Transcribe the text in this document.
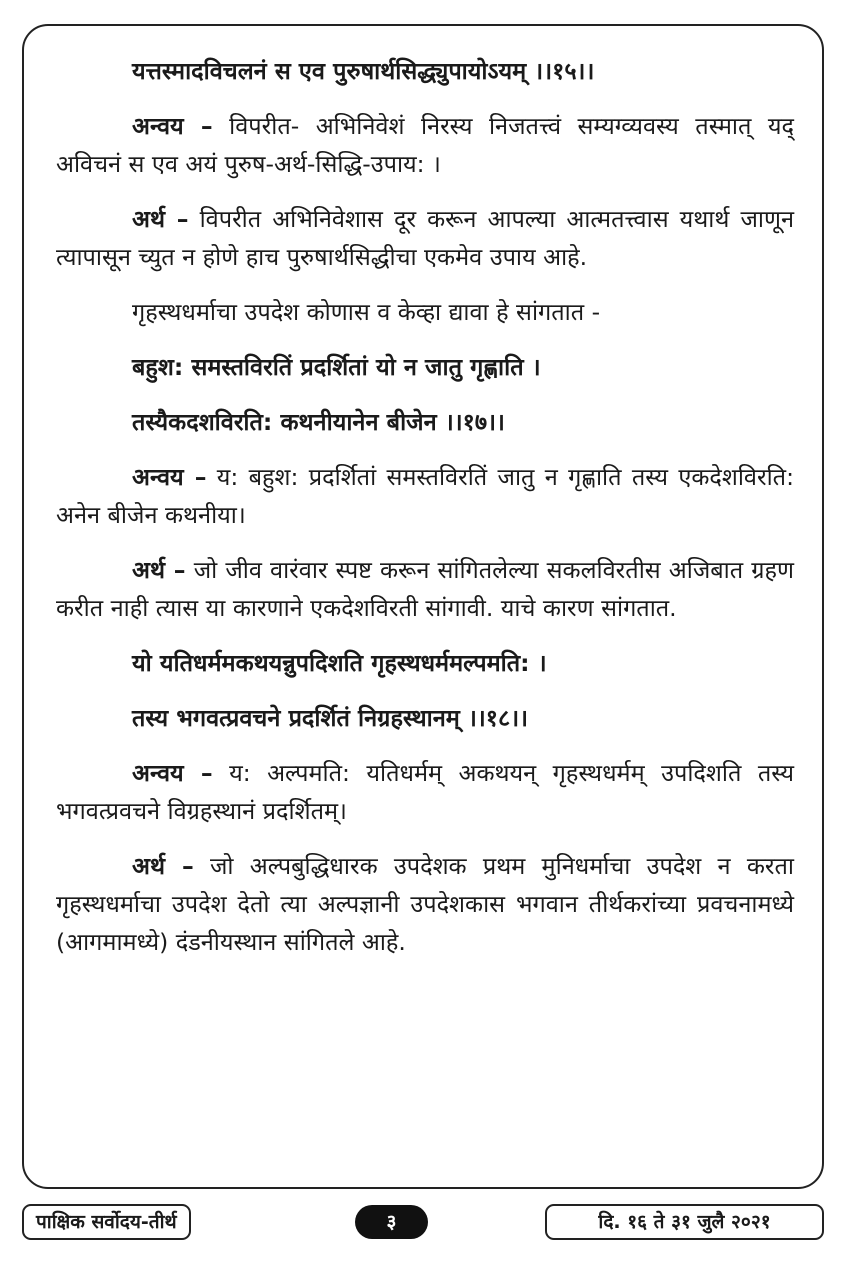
यत्तस्मादविचलनं स एव पुरुषार्थसिद्ध्युपायोऽयम् ।।१५।।

अन्वय – विपरीत- अभिनिवेशं निरस्य निजतत्त्वं सम्यग्व्यवस्य तस्मात् यद् अविचनं स एव अयं पुरुष-अर्थ-सिद्धि-उपाय: ।

अर्थ – विपरीत अभिनिवेशास दूर करून आपल्या आत्मतत्त्वास यथार्थ जाणून त्यापासून च्युत न होणे हाच पुरुषार्थसिद्धीचा एकमेव उपाय आहे.

गृहस्थधर्माचा उपदेश कोणास व केव्हा द्यावा हे सांगतात -

बहुश: समस्तविरतिं प्रदर्शितां यो न जातु गृह्णाति ।

तस्यैकदशविरति: कथनीयानेन बीजेन ।।१७।।

अन्वय – य: बहुश: प्रदर्शितां समस्तविरतिं जातु न गृह्णाति तस्य एकदेशविरति: अनेन बीजेन कथनीया।

अर्थ – जो जीव वारंवार स्पष्ट करून सांगितलेल्या सकलविरतीस अजिबात ग्रहण करीत नाही त्यास या कारणाने एकदेशविरती सांगावी. याचे कारण सांगतात.

यो यतिधर्ममकथयन्नुपदिशति गृहस्थधर्ममल्पमति: ।

तस्य भगवत्प्रवचने प्रदर्शितं निग्रहस्थानम् ।।१८।।

अन्वय – य: अल्पमति: यतिधर्मम् अकथयन् गृहस्थधर्मम् उपदिशति तस्य भगवत्प्रवचने विग्रहस्थानं प्रदर्शितम्।

अर्थ – जो अल्पबुद्धिधारक उपदेशक प्रथम मुनिधर्माचा उपदेश न करता गृहस्थधर्माचा उपदेश देतो त्या अल्पज्ञानी उपदेशकास भगवान तीर्थकरांच्या प्रवचनामध्ये (आगमामध्ये) दंडनीयस्थान सांगितले आहे.

पाक्षिक सर्वोदय-तीर्थ	३	दि. १६ ते ३१ जुलै २०२१
